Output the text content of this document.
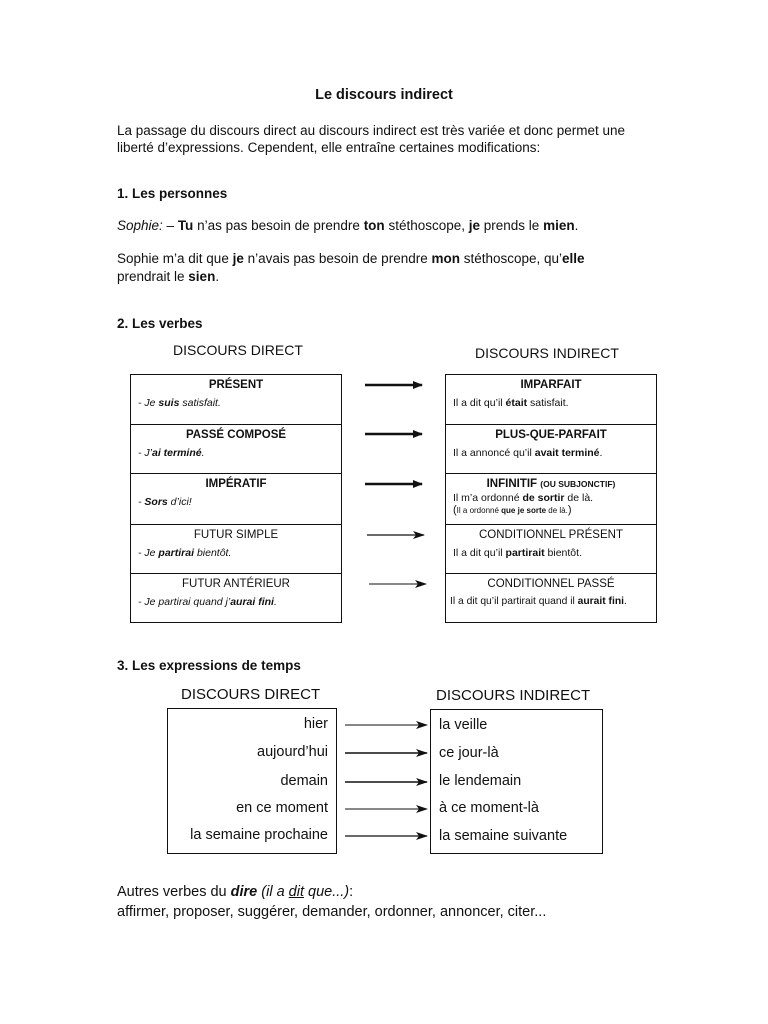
Le discours indirect
La passage du discours direct au discours indirect est très variée et donc permet une liberté d’expressions. Cependent, elle entraîne certaines modifications:
1. Les personnes
Sophie: – Tu n’as pas besoin de prendre ton stéthoscope, je prends le mien.
Sophie m’a dit que je n’avais pas besoin de prendre mon stéthoscope, qu’elle prendrait le sien.
2. Les verbes
DISCOURS DIRECT	DISCOURS INDIRECT
PRÉSENT
- Je suis satisfait.
IMPARFAIT
Il a dit qu’il était satisfait.
PASSÉ COMPOSÉ
- J’ai terminé.
PLUS-QUE-PARFAIT
Il a annoncé qu’il avait terminé.
IMPÉRATIF
- Sors d’ici!
INFINITIF (OU SUBJONCTIF)
Il m’a ordonné de sortir de là.
(Il a ordonné que je sorte de là.)
FUTUR SIMPLE
- Je partirai bientôt.
CONDITIONNEL PRÉSENT
Il a dit qu’il partirait bientôt.
FUTUR ANTÉRIEUR
- Je partirai quand j’aurai fini.
CONDITIONNEL PASSÉ
Il a dit qu’il partirait quand il aurait fini.
3. Les expressions de temps
DISCOURS DIRECT	DISCOURS INDIRECT
hier
aujourd’hui
demain
en ce moment
la semaine prochaine
la veille
ce jour-là
le lendemain
à ce moment-là
la semaine suivante
Autres verbes du dire (il a dit que...):
affirmer, proposer, suggérer, demander, ordonner, annoncer, citer...
